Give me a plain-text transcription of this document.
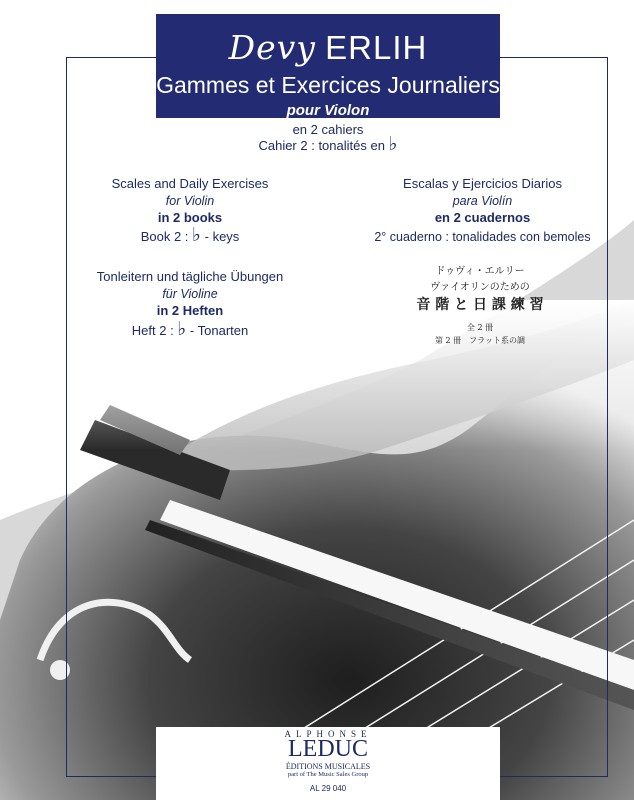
Devy ERLIH
Gammes et Exercices Journaliers
pour Violon
en 2 cahiers
Cahier 2 : tonalités en ♭
Scales and Daily Exercises
for Violin
in 2 books
Book 2 : ♭ - keys
Tonleitern und tägliche Übungen
für Violine
in 2 Heften
Heft 2 : ♭ - Tonarten
Escalas y Ejercicios Diarios
para Violín
en 2 cuadernos
2° cuaderno : tonalidades con bemoles
ドゥヴィ・エルリー
ヴァイオリンのための
音 階 と 日 課 練 習
全 2 冊
第 2 冊　フラット系の調
ALPHONSE
LEDUC
ÉDITIONS MUSICALES
part of The Music Sales Group
AL 29 040
